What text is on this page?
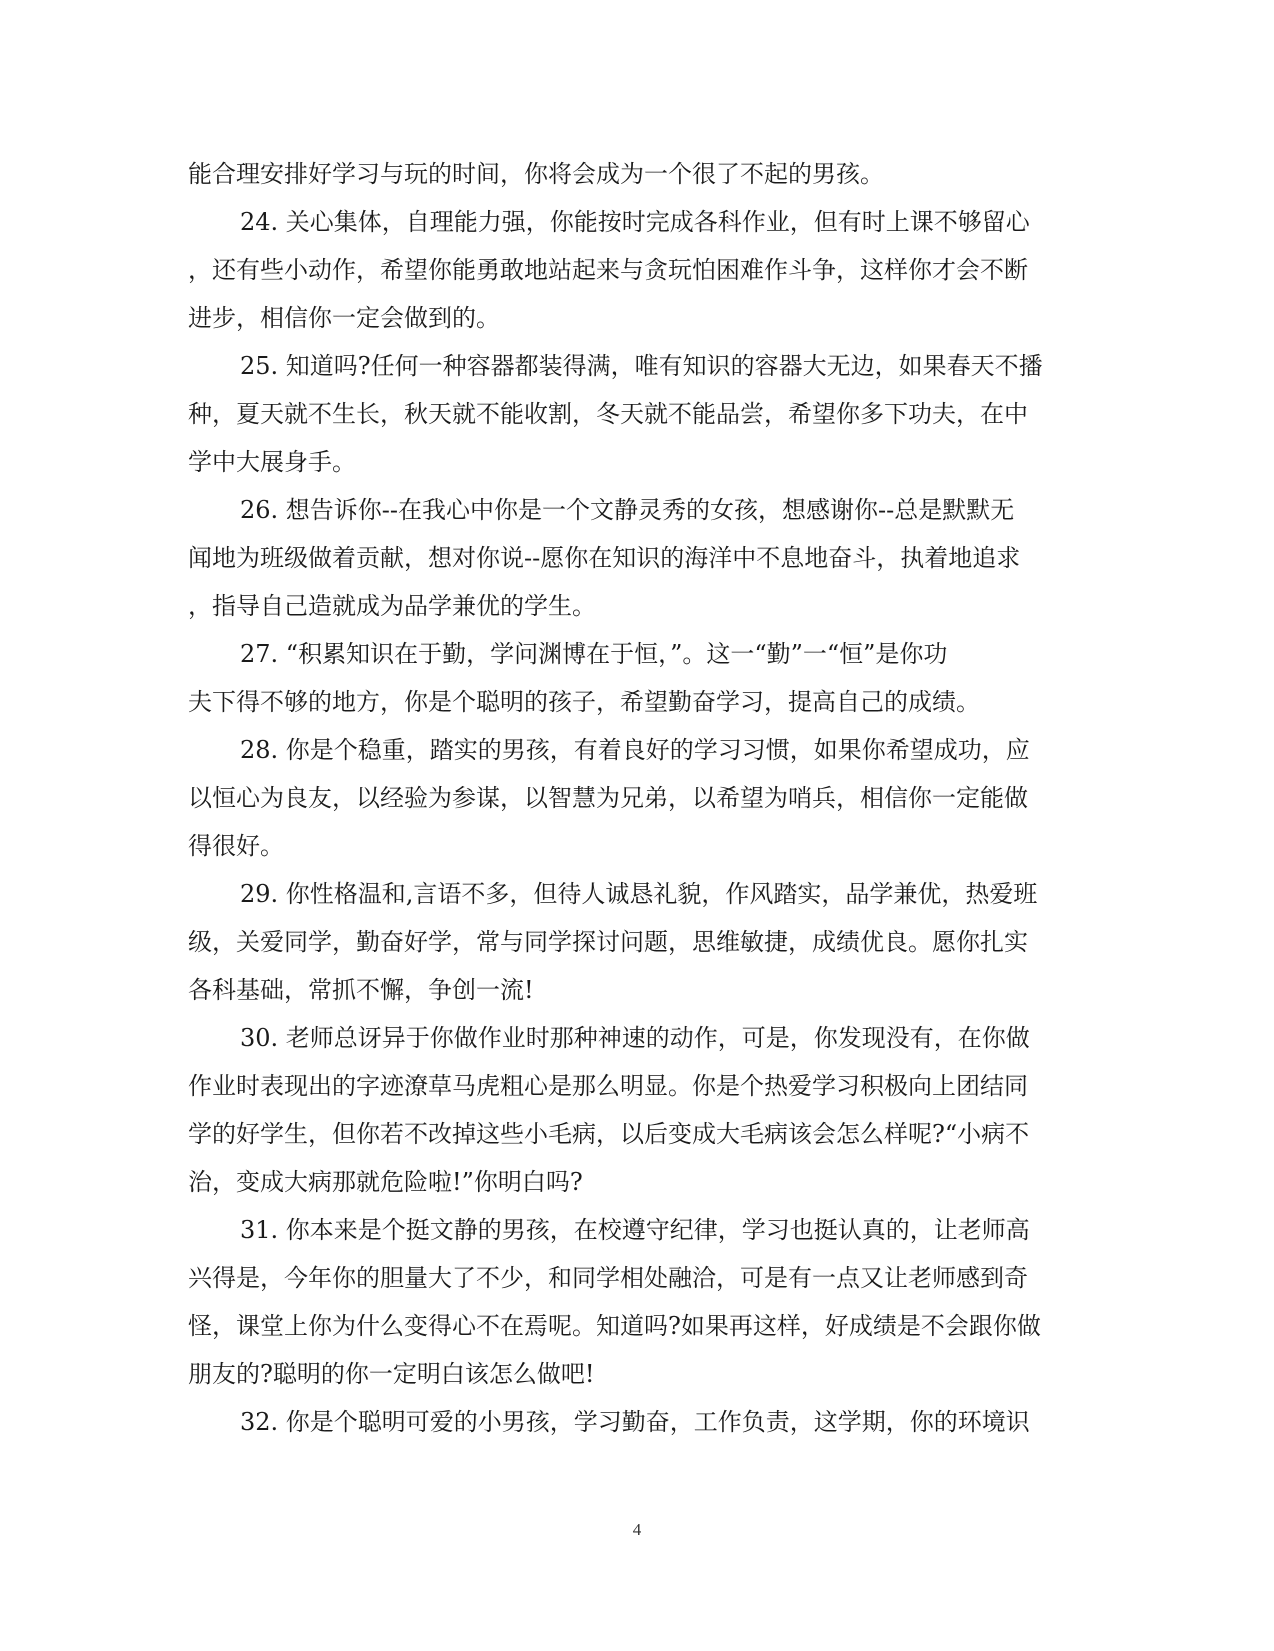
能合理安排好学习与玩的时间，你将会成为一个很了不起的男孩。
24. 关心集体，自理能力强，你能按时完成各科作业，但有时上课不够留心
，还有些小动作，希望你能勇敢地站起来与贪玩怕困难作斗争，这样你才会不断
进步，相信你一定会做到的。
25. 知道吗?任何一种容器都装得满，唯有知识的容器大无边，如果春天不播
种，夏天就不生长，秋天就不能收割，冬天就不能品尝，希望你多下功夫，在中
学中大展身手。
26. 想告诉你--在我心中你是一个文静灵秀的女孩，想感谢你--总是默默无
闻地为班级做着贡献，想对你说--愿你在知识的海洋中不息地奋斗，执着地追求
，指导自己造就成为品学兼优的学生。
27. “积累知识在于勤，学问渊博在于恒，”。这一“勤”一“恒”是你功
夫下得不够的地方，你是个聪明的孩子，希望勤奋学习，提高自己的成绩。
28. 你是个稳重，踏实的男孩，有着良好的学习习惯，如果你希望成功，应
以恒心为良友，以经验为参谋，以智慧为兄弟，以希望为哨兵，相信你一定能做
得很好。
29. 你性格温和,言语不多，但待人诚恳礼貌，作风踏实，品学兼优，热爱班
级，关爱同学，勤奋好学，常与同学探讨问题，思维敏捷，成绩优良。愿你扎实
各科基础，常抓不懈，争创一流!
30. 老师总讶异于你做作业时那种神速的动作，可是，你发现没有，在你做
作业时表现出的字迹潦草马虎粗心是那么明显。你是个热爱学习积极向上团结同
学的好学生，但你若不改掉这些小毛病，以后变成大毛病该会怎么样呢?“小病不
治，变成大病那就危险啦!”你明白吗?
31. 你本来是个挺文静的男孩，在校遵守纪律，学习也挺认真的，让老师高
兴得是，今年你的胆量大了不少，和同学相处融洽，可是有一点又让老师感到奇
怪，课堂上你为什么变得心不在焉呢。知道吗?如果再这样，好成绩是不会跟你做
朋友的?聪明的你一定明白该怎么做吧!
32. 你是个聪明可爱的小男孩，学习勤奋，工作负责，这学期，你的环境识
4
